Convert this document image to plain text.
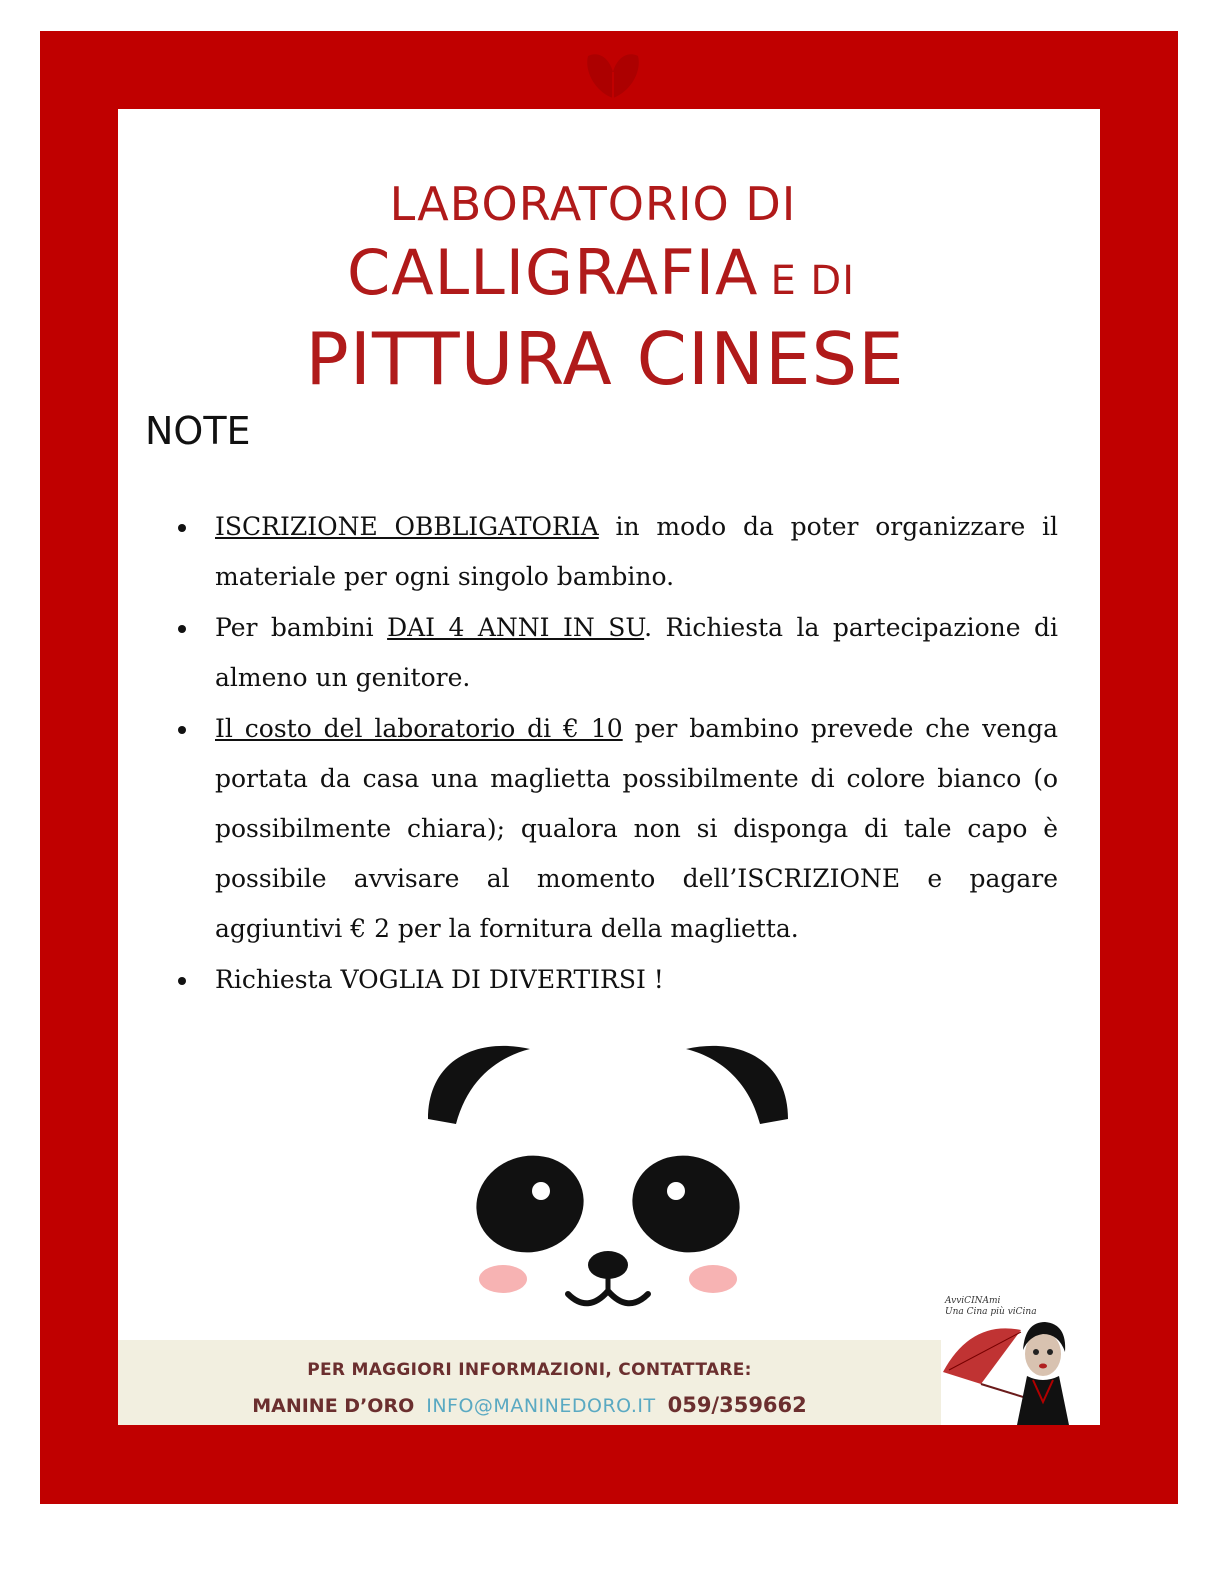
LABORATORIO DI
CALLIGRAFIA E DI
PITTURA CINESE
NOTE
ISCRIZIONE OBBLIGATORIA in modo da poter organizzare il materiale per ogni singolo bambino.
Per bambini DAI 4 ANNI IN SU. Richiesta la partecipazione di almeno un genitore.
Il costo del laboratorio di € 10 per bambino prevede che venga portata da casa una maglietta possibilmente di colore bianco (o possibilmente chiara); qualora non si disponga di tale capo è possibile avvisare al momento dell’ISCRIZIONE e pagare aggiuntivi € 2 per la fornitura della maglietta.
Richiesta VOGLIA DI DIVERTIRSI !
PER MAGGIORI INFORMAZIONI, CONTATTARE:
MANINE D’ORO INFO@MANINEDORO.IT 059/359662
AvviCINAmi
Una Cina più viCina
